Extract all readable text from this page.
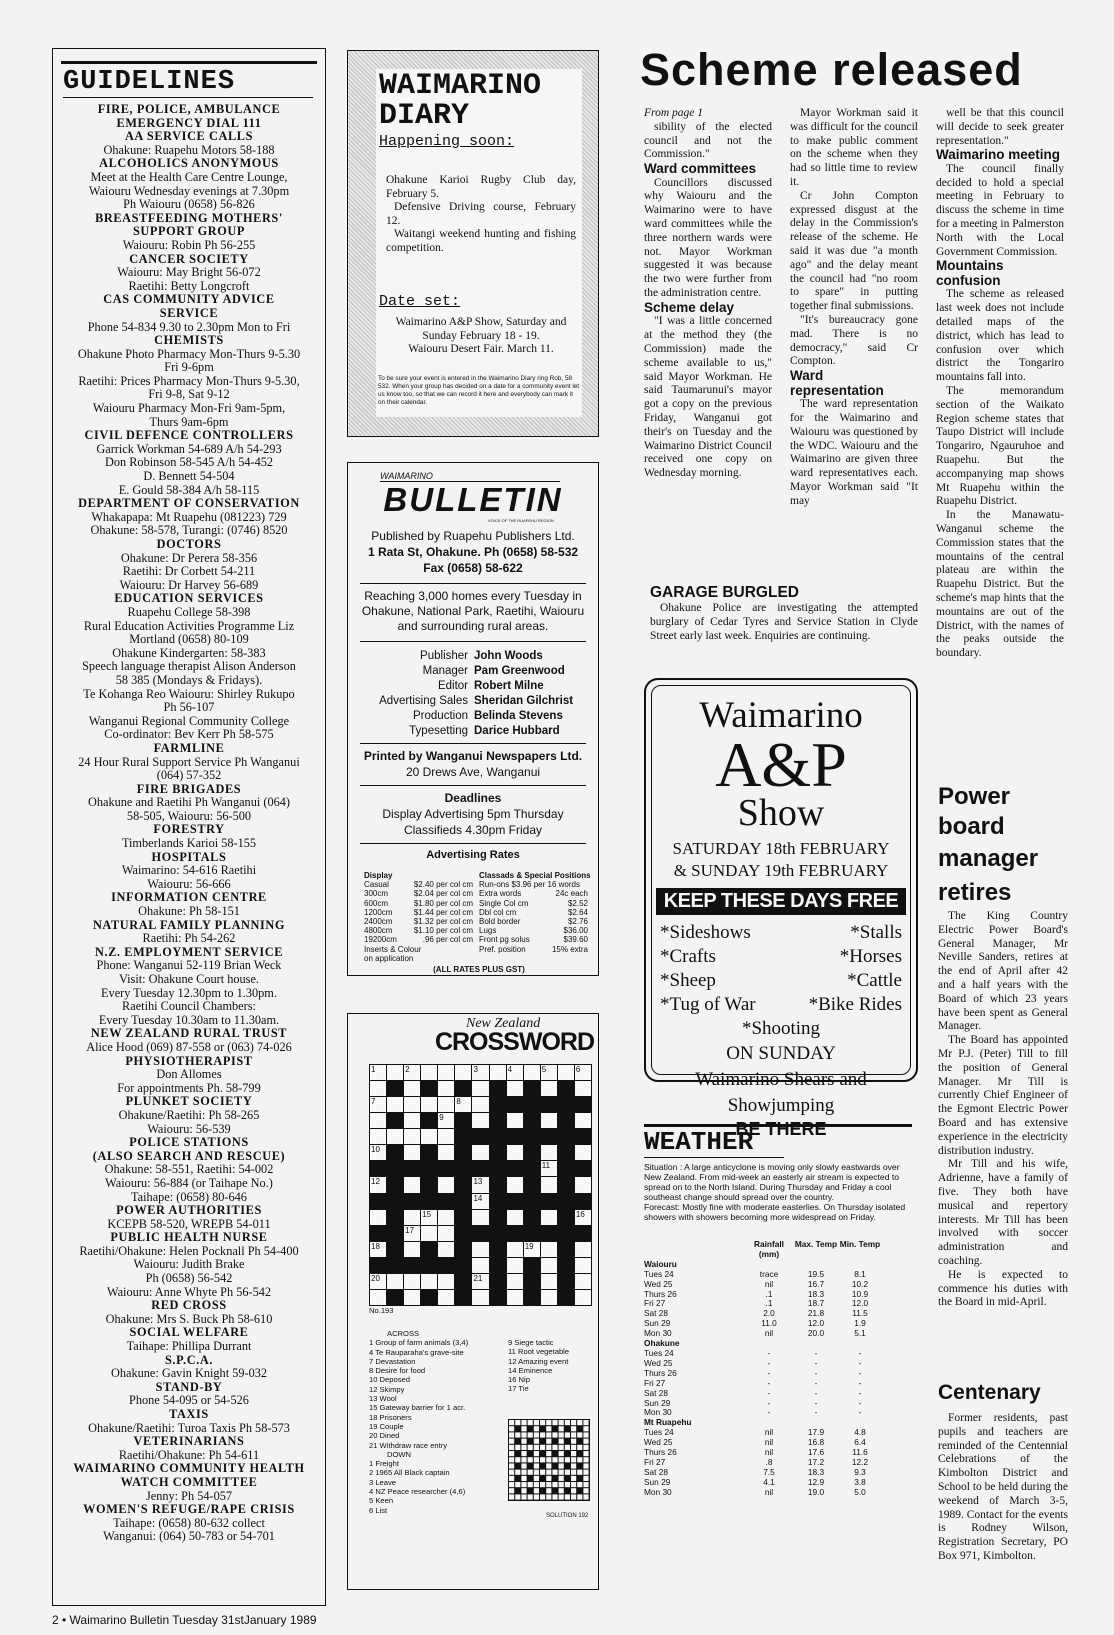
GUIDELINES
FIRE, POLICE, AMBULANCE
EMERGENCY DIAL 111
AA SERVICE CALLS
Ohakune: Ruapehu Motors 58-188
ALCOHOLICS ANONYMOUS
Meet at the Health Care Centre Lounge,
Waiouru Wednesday evenings at 7.30pm
Ph Waiouru (0658) 56-826
BREASTFEEDING MOTHERS'
SUPPORT GROUP
Waiouru: Robin Ph 56-255
CANCER SOCIETY
Waiouru: May Bright 56-072
Raetihi: Betty Longcroft
CAS COMMUNITY ADVICE
SERVICE
Phone 54-834 9.30 to 2.30pm Mon to Fri
CHEMISTS
Ohakune Photo Pharmacy Mon-Thurs 9-5.30
Fri 9-6pm
Raetihi: Prices Pharmacy Mon-Thurs 9-5.30,
Fri 9-8, Sat 9-12
Waiouru Pharmacy Mon-Fri 9am-5pm,
Thurs 9am-6pm
CIVIL DEFENCE CONTROLLERS
Garrick Workman 54-689 A/h 54-293
Don Robinson 58-545 A/h 54-452
D. Bennett 54-504
E. Gould 58-384 A/h 58-115
DEPARTMENT OF CONSERVATION
Whakapapa: Mt Ruapehu (081223) 729
Ohakune: 58-578, Turangi: (0746) 8520
DOCTORS
Ohakune: Dr Perera 58-356
Raetihi: Dr Corbett 54-211
Waiouru: Dr Harvey 56-689
EDUCATION SERVICES
Ruapehu College 58-398
Rural Education Activities Programme Liz
Mortland (0658) 80-109
Ohakune Kindergarten: 58-383
Speech language therapist Alison Anderson
58 385 (Mondays & Fridays).
Te Kohanga Reo Waiouru: Shirley Rukupo
Ph 56-107
Wanganui Regional Community College
Co-ordinator: Bev Kerr Ph 58-575
FARMLINE
24 Hour Rural Support Service Ph Wanganui
(064) 57-352
FIRE BRIGADES
Ohakune and Raetihi Ph Wanganui (064)
58-505, Waiouru: 56-500
FORESTRY
Timberlands Karioi 58-155
HOSPITALS
Waimarino: 54-616 Raetihi
Waiouru: 56-666
INFORMATION CENTRE
Ohakune: Ph 58-151
NATURAL FAMILY PLANNING
Raetihi: Ph 54-262
N.Z. EMPLOYMENT SERVICE
Phone: Wanganui 52-119 Brian Weck
Visit: Ohakune Court house.
Every Tuesday 12.30pm to 1.30pm.
Raetihi Council Chambers:
Every Tuesday 10.30am to 11.30am.
NEW ZEALAND RURAL TRUST
Alice Hood (069) 87-558 or (063) 74-026
PHYSIOTHERAPIST
Don Allomes
For appointments Ph. 58-799
PLUNKET SOCIETY
Ohakune/Raetihi: Ph 58-265
Waiouru: 56-539
POLICE STATIONS
(ALSO SEARCH AND RESCUE)
Ohakune: 58-551, Raetihi: 54-002
Waiouru: 56-884 (or Taihape No.)
Taihape: (0658) 80-646
POWER AUTHORITIES
KCEPB 58-520, WREPB 54-011
PUBLIC HEALTH NURSE
Raetihi/Ohakune: Helen Pocknall Ph 54-400
Waiouru: Judith Brake
Ph (0658) 56-542
Waiouru: Anne Whyte Ph 56-542
RED CROSS
Ohakune: Mrs S. Buck Ph 58-610
SOCIAL WELFARE
Taihape: Phillipa Durrant
S.P.C.A.
Ohakune: Gavin Knight 59-032
STAND-BY
Phone 54-095 or 54-526
TAXIS
Ohakune/Raetihi: Turoa Taxis Ph 58-573
VETERINARIANS
Raetihi/Ohakune: Ph 54-611
WAIMARINO COMMUNITY HEALTH
WATCH COMMITTEE
Jenny: Ph 54-057
WOMEN'S REFUGE/RAPE CRISIS
Taihape: (0658) 80-632 collect
Wanganui: (064) 50-783 or 54-701
WAIMARINO
DIARY
Happening soon:
Ohakune Karioi Rugby Club day, February 5.
Defensive Driving course, February 12.
Waitangi weekend hunting and fishing competition.
Date set:
Waimarino A&P Show, Saturday and Sunday February 18 - 19.
Waiouru Desert Fair. March 11.
To be sure your event is entered in the Waimarino Diary ring Rob, 58 532. When your group has decided on a date for a community event let us know too, so that we can record it here and everybody can mark it on their calendar.
WAIMARINO
BULLETIN
VOICE OF THE RUAPEHU REGION
Published by Ruapehu Publishers Ltd.
1 Rata St, Ohakune. Ph (0658) 58-532
Fax (0658) 58-622
Reaching 3,000 homes every Tuesday in Ohakune, National Park, Raetihi, Waiouru and surrounding rural areas.
Publisher John Woods
Manager Pam Greenwood
Editor Robert Milne
Advertising Sales Sheridan Gilchrist
Production Belinda Stevens
Typesetting Darice Hubbard
Printed by Wanganui Newspapers Ltd.
20 Drews Ave, Wanganui
Deadlines
Display Advertising 5pm Thursday
Classifieds 4.30pm Friday
Advertising Rates
Display
Casual	$2.40 per col cm
300cm	$2.04 per col cm
600cm	$1.80 per col cm
1200cm	$1.44 per col cm
2400cm	$1.32 per col cm
4800cm	$1.10 per col cm
19200cm	.96 per col cm
Inserts & Colour
on application
Classads & Special Positions
Run-ons $3.96 per 16 words
Extra words	24c each
Single Col cm	$2.52
Dbl col cm	$2.64
Bold border	$2.76
Lugs	$36.00
Front pg solus	$39.60
Pref. position	15% extra
(ALL RATES PLUS GST)
New Zealand
CROSSWORD
1	2	3	4	5	6
7	8
9
10
11
12	13
14
15	16
17
18	19
20	21
No.193
ACROSS
1 Group of farm animals (3,4)
4 Te Rauparaha's grave-site
7 Devastation
8 Desire for food
10 Deposed
12 Skimpy
13 Wool
15 Gateway barrier for 1 acr.
18 Prisoners
19 Couple
20 Dined
21 Withdraw race entry
DOWN
1 Freight
2 1965 All Black captain
3 Leave
4 NZ Peace researcher (4,6)
5 Keen
6 List
9 Siege tactic
11 Root vegetable
12 Amazing event
14 Eminence
16 Nip
17 Tie
SOLUTION 192
Scheme released
From page 1

sibility of the elected council and not the Commission."

Ward committees

Councillors discussed why Waiouru and the Waimarino were to have ward committees while the three northern wards were not. Mayor Workman suggested it was because the two were further from the administration centre.

Scheme delay

"I was a little concerned at the method they (the Commission) made the scheme available to us," said Mayor Workman. He said Taumarunui's mayor got a copy on the previous Friday, Wanganui got their's on Tuesday and the Waimarino District Council received one copy on Wednesday morning.

Mayor Workman said it was difficult for the council to make public comment on the scheme when they had so little time to review it.

Cr John Compton expressed disgust at the delay in the Commission's release of the scheme. He said it was due "a month ago" and the delay meant the council had "no room to spare" in putting together final submissions.

"It's bureaucracy gone mad. There is no democracy," said Cr Compton.

Ward representation

The ward representation for the Waimarino and Waiouru was questioned by the WDC. Waiouru and the Waimarino are given three ward representatives each. Mayor Workman said "It may

well be that this council will decide to seek greater representation."

Waimarino meeting

The council finally decided to hold a special meeting in February to discuss the scheme in time for a meeting in Palmerston North with the Local Government Commission.

Mountains confusion

The scheme as released last week does not include detailed maps of the district, which has lead to confusion over which district the Tongariro mountains fall into.

The memorandum section of the Waikato Region scheme states that Taupo District will include Tongariro, Ngauruhoe and Ruapehu. But the accompanying map shows Mt Ruapehu within the Ruapehu District.

In the Manawatu-Wanganui scheme the Commission states that the mountains of the central plateau are within the Ruapehu District. But the scheme's map hints that the mountains are out of the District, with the names of the peaks outside the boundary.

GARAGE BURGLED
Ohakune Police are investigating the attempted burglary of Cedar Tyres and Service Station in Clyde Street early last week. Enquiries are continuing.
Waimarino
A&P
Show
SATURDAY 18th FEBRUARY
& SUNDAY 19th FEBRUARY
KEEP THESE DAYS FREE
*Sideshows	*Stalls
*Crafts	*Horses
*Sheep	*Cattle
*Tug of War	*Bike Rides
*Shooting
ON SUNDAY
Waimarino Shears and
Showjumping
BE THERE
WEATHER
Situation : A large anticyclone is moving only slowly eastwards over New Zealand. From mid-week an easterly air stream is expected to spread on to the North Island. During Thursday and Friday a cool southeast change should spread over the country.
Forecast: Mostly fine with moderate easterlies. On Thursday isolated showers with showers becoming more widespread on Friday.
Rainfall (mm)
Max. Temp Min. Temp
Waiouru
Tues 24	trace	19.5	8.1
Wed 25	nil	16.7	10.2
Thurs 26	.1	18.3	10.9
Fri 27	.1	18.7	12.0
Sat 28	2.0	21.8	11.5
Sun 29	11.0	12.0	1.9
Mon 30	nil	20.0	5.1
Ohakune
Tues 24	-	-	-
Wed 25	-	-	-
Thurs 26	-	-	-
Fri 27	-	-	-
Sat 28	-	-	-
Sun 29	-	-	-
Mon 30	-	-	-
Mt Ruapehu
Tues 24	nil	17.9	4.8
Wed 25	nil	16.8	6.4
Thurs 26	nil	17.6	11.6
Fri 27	.8	17.2	12.2
Sat 28	7.5	18.3	9.3
Sun 29	4.1	12.9	3.8
Mon 30	nil	19.0	5.0
Power
board
manager
retires

The King Country Electric Power Board's General Manager, Mr Neville Sanders, retires at the end of April after 42 and a half years with the Board of which 23 years have been spent as General Manager.

The Board has appointed Mr P.J. (Peter) Till to fill the position of General Manager. Mr Till is currently Chief Engineer of the Egmont Electric Power Board and has extensive experience in the electricity distribution industry.

Mr Till and his wife, Adrienne, have a family of five. They both have musical and repertory interests. Mr Till has been involved with soccer administration and coaching.

He is expected to commence his duties with the Board in mid-April.

Centenary
Former residents, past pupils and teachers are reminded of the Centennial Celebrations of the Kimbolton District and School to be held during the weekend of March 3-5, 1989. Contact for the events is Rodney Wilson, Registration Secretary, PO Box 971, Kimbolton.
2 • Waimarino Bulletin Tuesday 31stJanuary 1989
